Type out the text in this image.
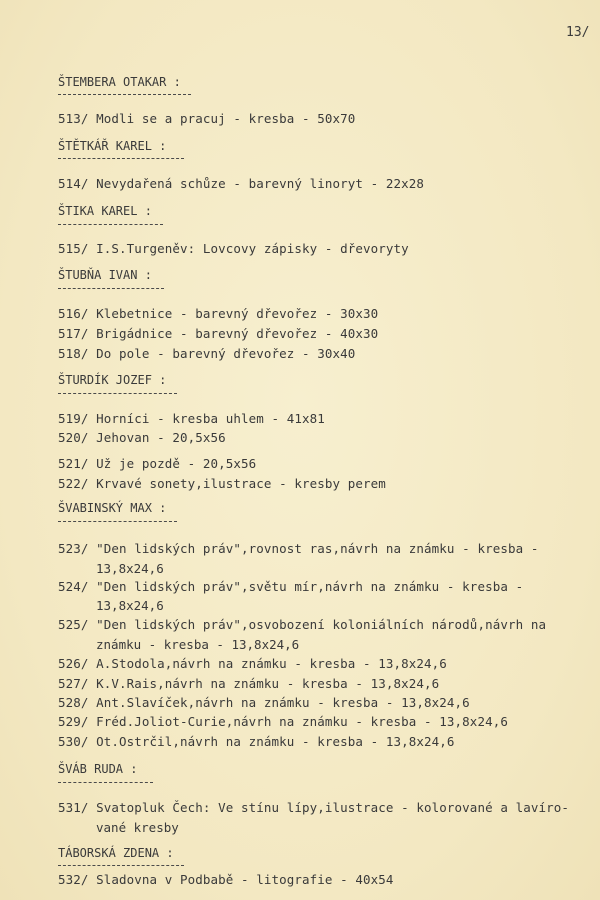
13/
ŠTEMBERA OTAKAR :
513/ Modli se a pracuj - kresba - 50x70
ŠTĚTKÁŘ KAREL :
514/ Nevydařená schůze - barevný linoryt - 22x28
ŠTIKA KAREL :
515/ I.S.Turgeněv: Lovcovy zápisky - dřevoryty
ŠTUBŇA IVAN :
516/ Klebetnice - barevný dřevořez - 30x30
517/ Brigádnice - barevný dřevořez - 40x30
518/ Do pole - barevný dřevořez - 30x40
ŠTURDÍK JOZEF :
519/ Horníci - kresba uhlem - 41x81
520/ Jehovan - 20,5x56
521/ Už je pozdě - 20,5x56
522/ Krvavé sonety,ilustrace - kresby perem
ŠVABINSKÝ MAX :
523/ "Den lidských práv",rovnost ras,návrh na známku - kresba -
13,8x24,6
524/ "Den lidských práv",světu mír,návrh na známku - kresba -
13,8x24,6
525/ "Den lidských práv",osvobození koloniálních národů,návrh na
známku - kresba - 13,8x24,6
526/ A.Stodola,návrh na známku - kresba - 13,8x24,6
527/ K.V.Rais,návrh na známku - kresba - 13,8x24,6
528/ Ant.Slavíček,návrh na známku - kresba - 13,8x24,6
529/ Fréd.Joliot-Curie,návrh na známku - kresba - 13,8x24,6
530/ Ot.Ostrčil,návrh na známku - kresba - 13,8x24,6
ŠVÁB RUDA :
531/ Svatopluk Čech: Ve stínu lípy,ilustrace - kolorované a lavíro-
vané kresby
TÁBORSKÁ ZDENA :
532/ Sladovna v Podbabě - litografie - 40x54
